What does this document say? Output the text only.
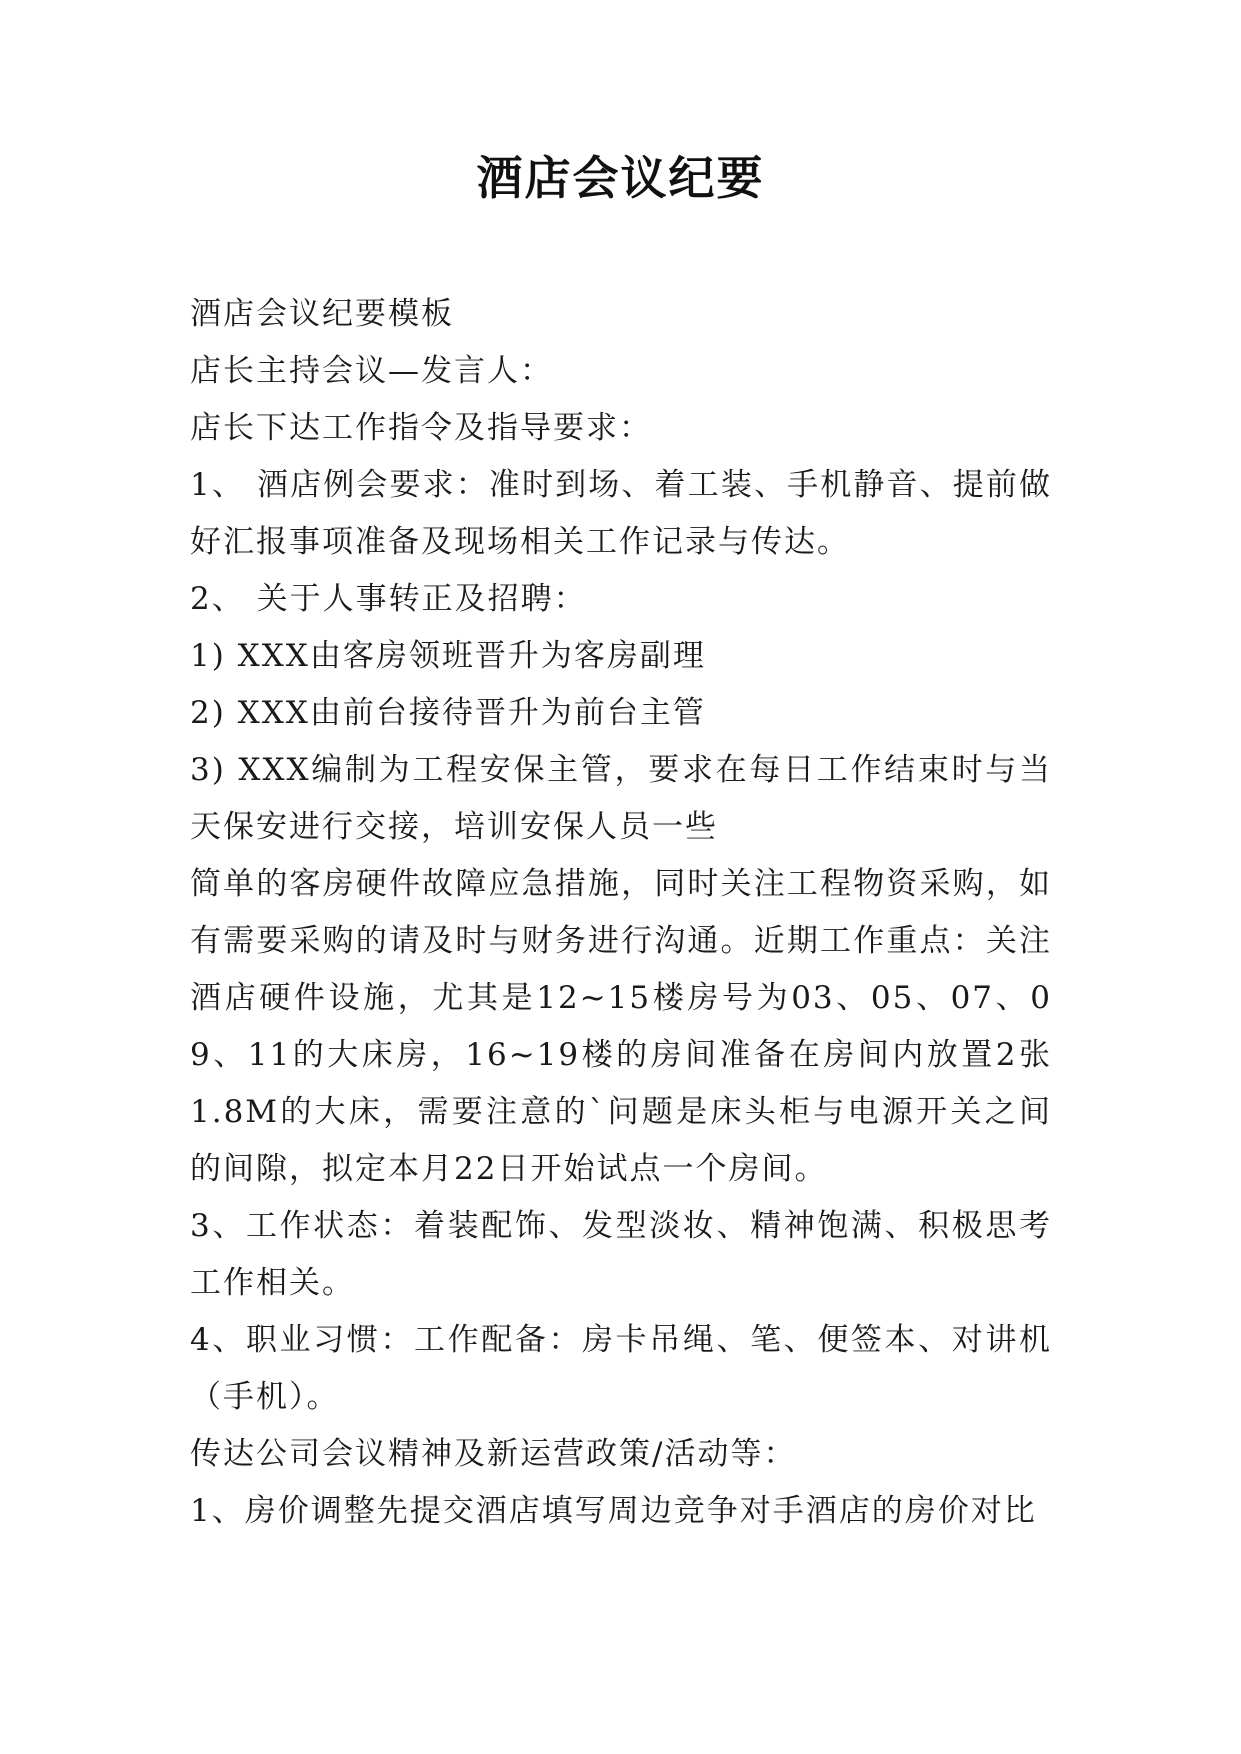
酒店会议纪要

酒店会议纪要模板

店长主持会议—发言人：

店长下达工作指令及指导要求：

1、 酒店例会要求：准时到场、着工装、手机静音、提前做好汇报事项准备及现场相关工作记录与传达。

2、 关于人事转正及招聘：

1) XXX由客房领班晋升为客房副理

2) XXX由前台接待晋升为前台主管

3) XXX编制为工程安保主管，要求在每日工作结束时与当天保安进行交接，培训安保人员一些

简单的客房硬件故障应急措施，同时关注工程物资采购，如有需要采购的请及时与财务进行沟通。近期工作重点：关注酒店硬件设施，尤其是12~15楼房号为03、05、07、09、11的大床房，16~19楼的房间准备在房间内放置2张1.8M的大床，需要注意的`问题是床头柜与电源开关之间的间隙，拟定本月22日开始试点一个房间。

3、工作状态：着装配饰、发型淡妆、精神饱满、积极思考工作相关。

4、职业习惯：工作配备：房卡吊绳、笔、便签本、对讲机（手机）。

传达公司会议精神及新运营政策/活动等：

1、房价调整先提交酒店填写周边竞争对手酒店的房价对比
